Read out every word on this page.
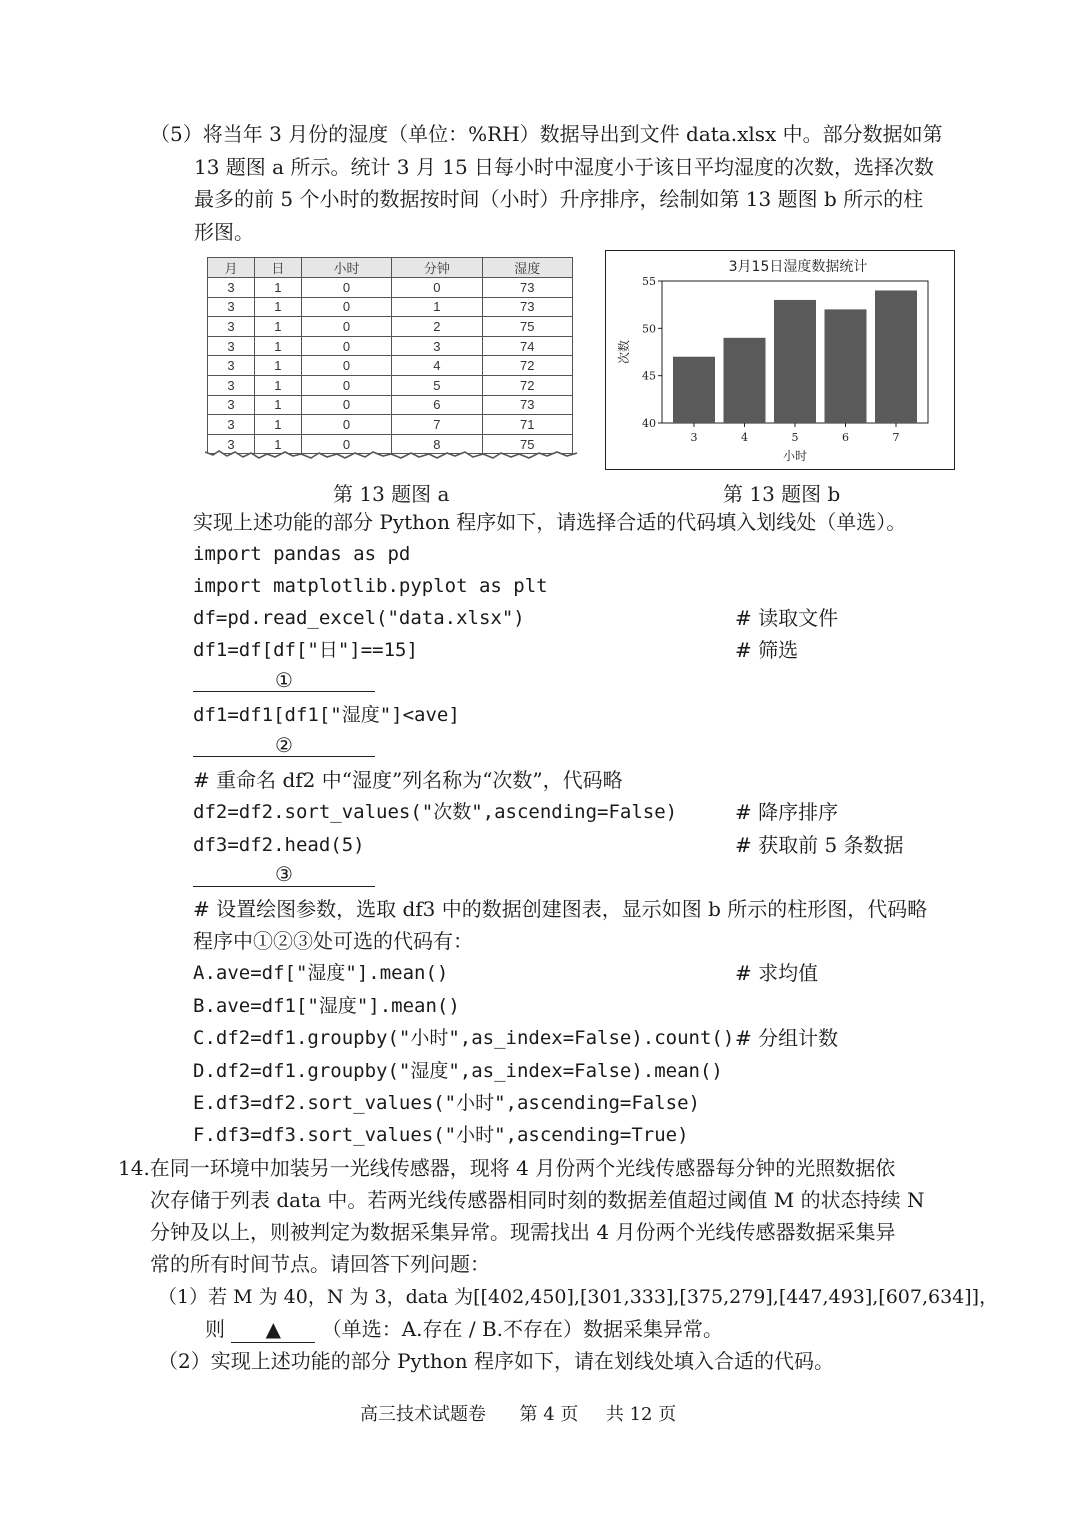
（5）将当年 3 月份的湿度（单位：%RH）数据导出到文件 data.xlsx 中。部分数据如第
13 题图 a 所示。统计 3 月 15 日每小时中湿度小于该日平均湿度的次数，选择次数
最多的前 5 个小时的数据按时间（小时）升序排序，绘制如第 13 题图 b 所示的柱
形图。
月	日	小时	分钟	湿度
3	1	0	0	73
3	1	0	1	73
3	1	0	2	75
3	1	0	3	74
3	1	0	4	72
3	1	0	5	72
3	1	0	6	73
3	1	0	7	71
3	1	0	8	75
第 13 题图 a
3月15日湿度数据统计
次数
小时
40
45
50
55
3	4	5	6	7
第 13 题图 b
实现上述功能的部分 Python 程序如下，请选择合适的代码填入划线处（单选）。
import pandas as pd
import matplotlib.pyplot as plt
df=pd.read_excel("data.xlsx")	# 读取文件
df1=df[df["日"]==15]	# 筛选
①
df1=df1[df1["湿度"]<ave]
②
# 重命名 df2 中“湿度”列名称为“次数”，代码略
df2=df2.sort_values("次数",ascending=False)	# 降序排序
df3=df2.head(5)	# 获取前 5 条数据
③
# 设置绘图参数，选取 df3 中的数据创建图表，显示如图 b 所示的柱形图，代码略
程序中①②③处可选的代码有：
A.ave=df["湿度"].mean()	# 求均值
B.ave=df1["湿度"].mean()
C.df2=df1.groupby("小时",as_index=False).count() # 分组计数
D.df2=df1.groupby("湿度",as_index=False).mean()
E.df3=df2.sort_values("小时",ascending=False)
F.df3=df3.sort_values("小时",ascending=True)
14.在同一环境中加装另一光线传感器，现将 4 月份两个光线传感器每分钟的光照数据依
次存储于列表 data 中。若两光线传感器相同时刻的数据差值超过阈值 M 的状态持续 N
分钟及以上，则被判定为数据采集异常。现需找出 4 月份两个光线传感器数据采集异
常的所有时间节点。请回答下列问题：
（1）若 M 为 40，N 为 3，data 为[[402,450],[301,333],[375,279],[447,493],[607,634]]，
则 ▲ （单选：A.存在 / B.不存在）数据采集异常。
（2）实现上述功能的部分 Python 程序如下，请在划线处填入合适的代码。
高三技术试题卷 第 4 页 共 12 页
